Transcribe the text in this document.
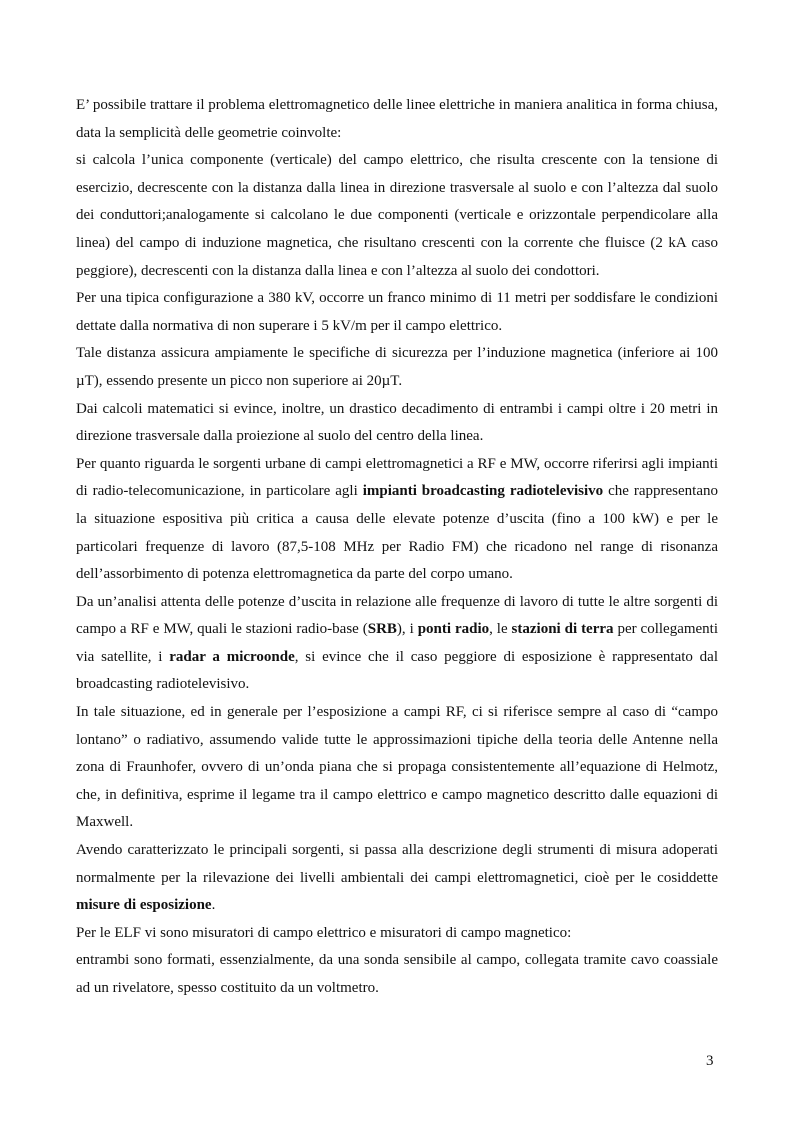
E’ possibile trattare il problema elettromagnetico delle linee elettriche in maniera analitica in forma chiusa, data la semplicità delle geometrie coinvolte:

si calcola l’unica componente (verticale) del campo elettrico, che risulta crescente con la tensione di esercizio, decrescente con la distanza dalla linea in direzione trasversale al suolo e con l’altezza dal suolo dei conduttori;analogamente si calcolano le due componenti (verticale e orizzontale perpendicolare alla linea) del campo di induzione magnetica, che risultano crescenti con la corrente che fluisce (2 kA caso peggiore), decrescenti con la distanza dalla linea e con l’altezza al suolo dei condottori.

Per una tipica configurazione a 380 kV, occorre un franco minimo di 11 metri per soddisfare le condizioni dettate dalla normativa di non superare i 5 kV/m per il campo elettrico.

Tale distanza assicura ampiamente le specifiche di sicurezza per l’induzione magnetica (inferiore ai 100 µT), essendo presente un picco non superiore ai 20µT.

Dai calcoli matematici si evince, inoltre, un drastico decadimento di entrambi i campi oltre i 20 metri in direzione trasversale dalla proiezione al suolo del centro della linea.

Per quanto riguarda le sorgenti urbane di campi elettromagnetici a RF e MW, occorre riferirsi agli impianti di radio-telecomunicazione, in particolare agli impianti broadcasting radiotelevisivo che rappresentano la situazione espositiva più critica a causa delle elevate potenze d’uscita (fino a 100 kW) e per le particolari frequenze di lavoro (87,5-108 MHz per Radio FM) che ricadono nel range di risonanza dell’assorbimento di potenza elettromagnetica da parte del corpo umano.

Da un’analisi attenta delle potenze d’uscita in relazione alle frequenze di lavoro di tutte le altre sorgenti di campo a RF e MW, quali le stazioni radio-base (SRB), i ponti radio, le stazioni di terra per collegamenti via satellite, i radar a microonde, si evince che il caso peggiore di esposizione è rappresentato dal broadcasting radiotelevisivo.

In tale situazione, ed in generale per l’esposizione a campi RF, ci si riferisce sempre al caso di “campo lontano” o radiativo, assumendo valide tutte le approssimazioni tipiche della teoria delle Antenne nella zona di Fraunhofer, ovvero di un’onda piana che si propaga consistentemente all’equazione di Helmotz, che, in definitiva, esprime il legame tra il campo elettrico e campo magnetico descritto dalle equazioni di Maxwell.

Avendo caratterizzato le principali sorgenti, si passa alla descrizione degli strumenti di misura adoperati normalmente per la rilevazione dei livelli ambientali dei campi elettromagnetici, cioè per le cosiddette misure di esposizione.

Per le ELF vi sono misuratori di campo elettrico e misuratori di campo magnetico:

entrambi sono formati, essenzialmente, da una sonda sensibile al campo, collegata tramite cavo coassiale ad un rivelatore, spesso costituito da un voltmetro.

3
